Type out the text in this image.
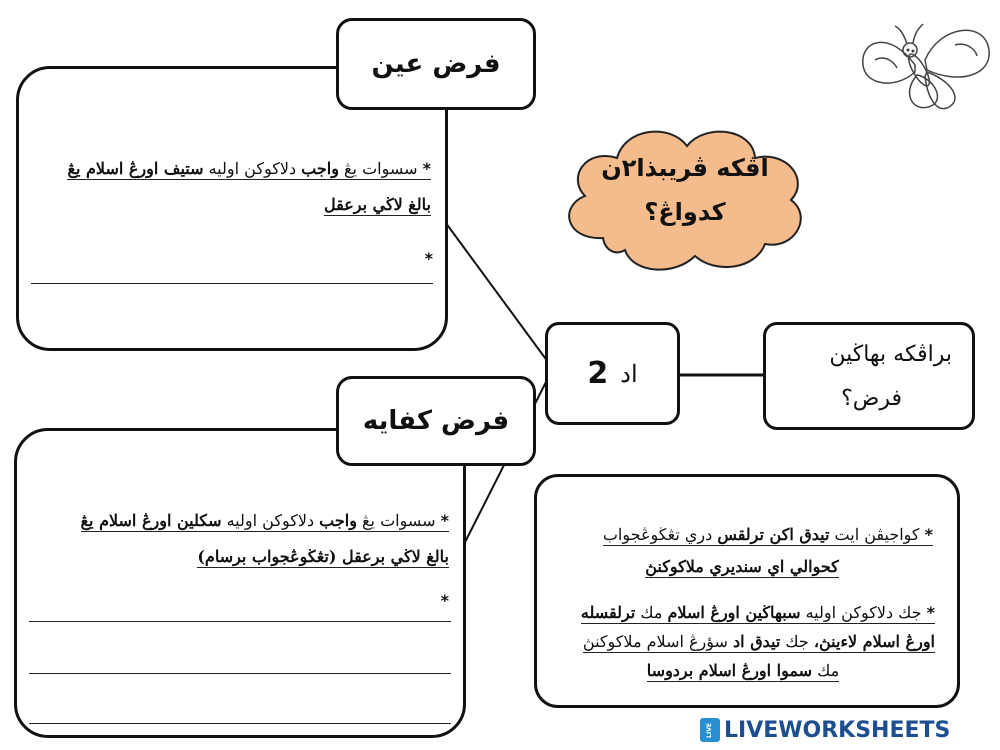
اڤكه ڤريبذا٢ن
كدواڠ؟
* سسوات يڠ واجب دلاكوكن اوليه ستيف اورڠ اسلام يڠ
بالغ لاڬي برعقل
*
فرض عين
* سسوات يڠ واجب دلاكوكن اوليه سكلين اورڠ اسلام يڠ
بالغ لاڬي برعقل (تڠڬوڠجواب برسام)
*
فرض كفايه
اد
2
براڤكه بهاڬين
فرض؟
* كواجيڤن ايت تيدق اكن ترلقس دري تڠڬوڠجواب
كحوالي اي سنديري ملاكوكنڽ
* جك دلاكوكن اوليه سبهاڬين اورڠ اسلام مك ترلقسله
اورڠ اسلام لاءينڽ، جك تيدق اد سؤرڠ اسلام ملاكوكنڽ
مك سموا اورڠ اسلام بردوسا
LIVE LIVEWORKSHEETS
